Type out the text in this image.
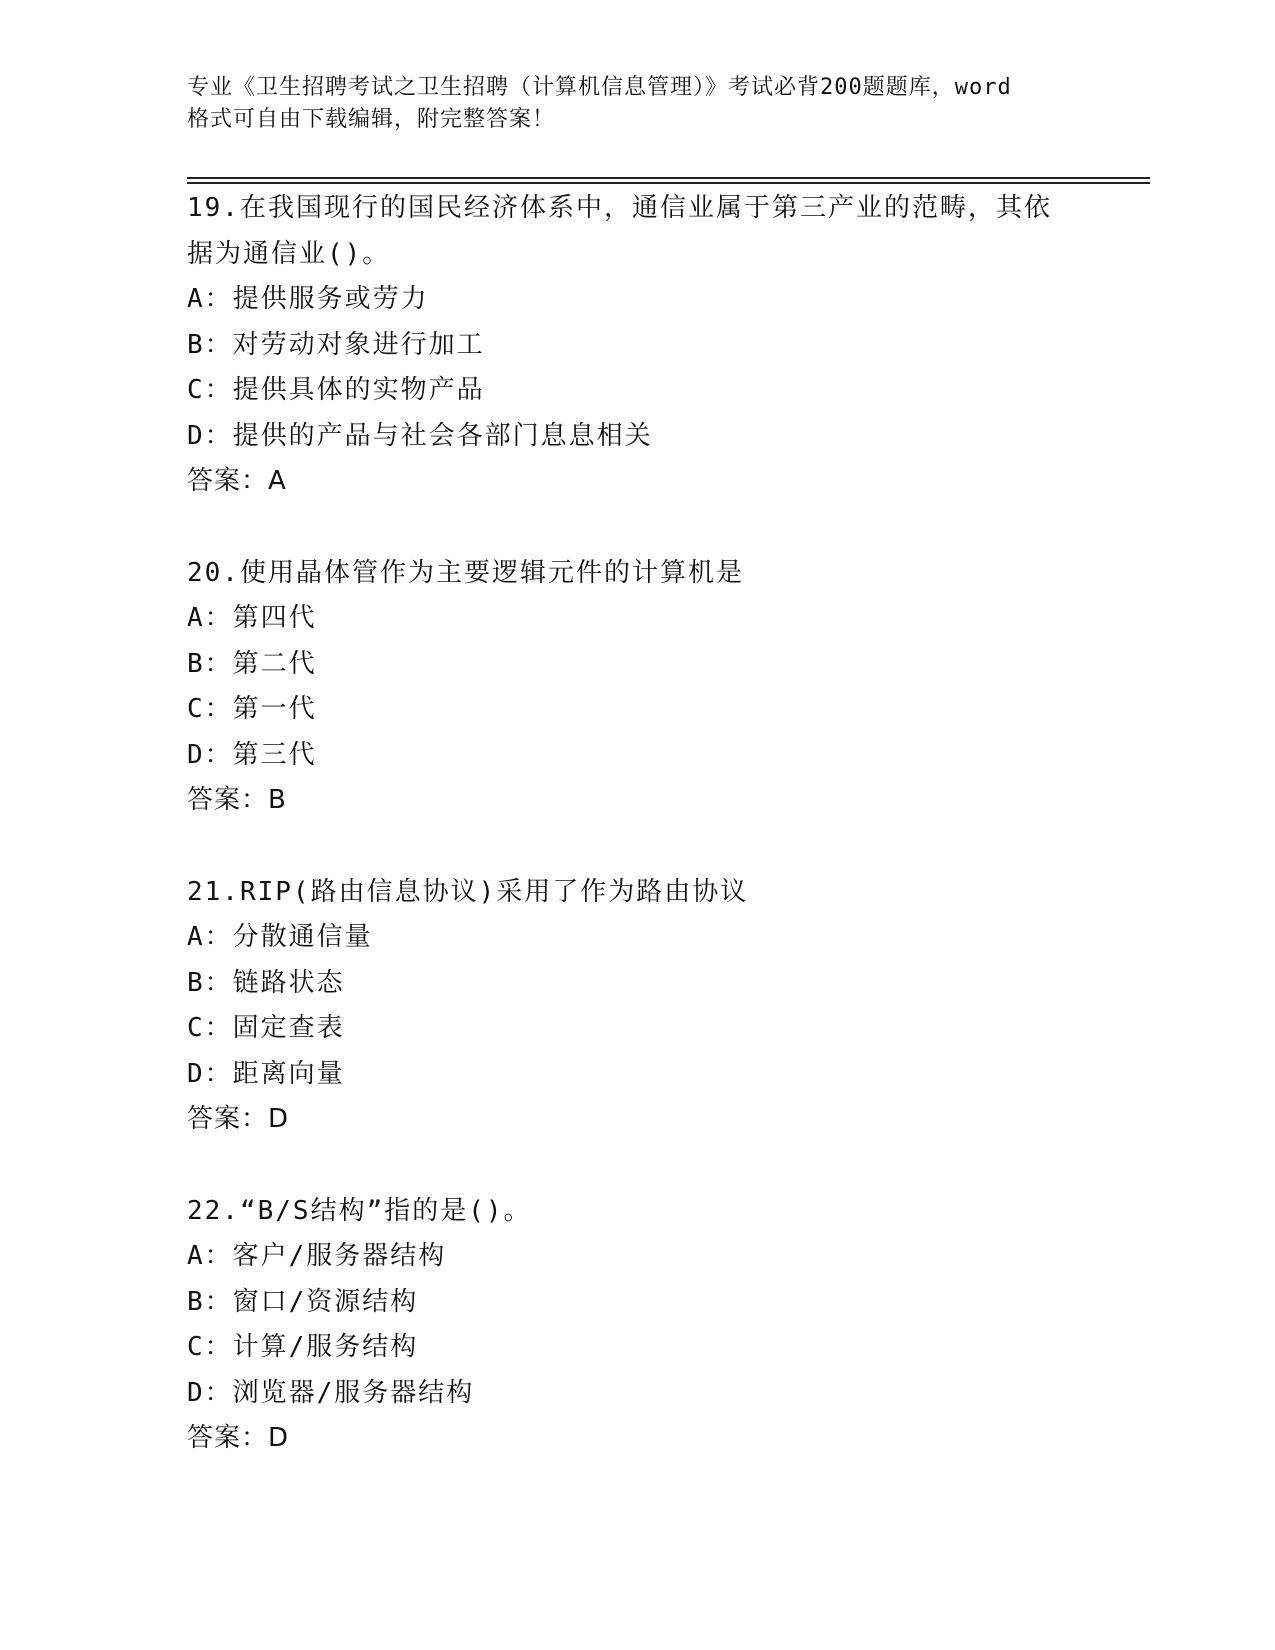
专业《卫生招聘考试之卫生招聘（计算机信息管理）》考试必背200题题库，word
格式可自由下载编辑，附完整答案！
19.在我国现行的国民经济体系中，通信业属于第三产业的范畴，其依
据为通信业()。
A：提供服务或劳力
B：对劳动对象进行加工
C：提供具体的实物产品
D：提供的产品与社会各部门息息相关
答案：A
20.使用晶体管作为主要逻辑元件的计算机是
A：第四代
B：第二代
C：第一代
D：第三代
答案：B
21.RIP(路由信息协议)采用了作为路由协议
A：分散通信量
B：链路状态
C：固定查表
D：距离向量
答案：D
22.“B/S结构”指的是()。
A：客户/服务器结构
B：窗口/资源结构
C：计算/服务结构
D：浏览器/服务器结构
答案：D
